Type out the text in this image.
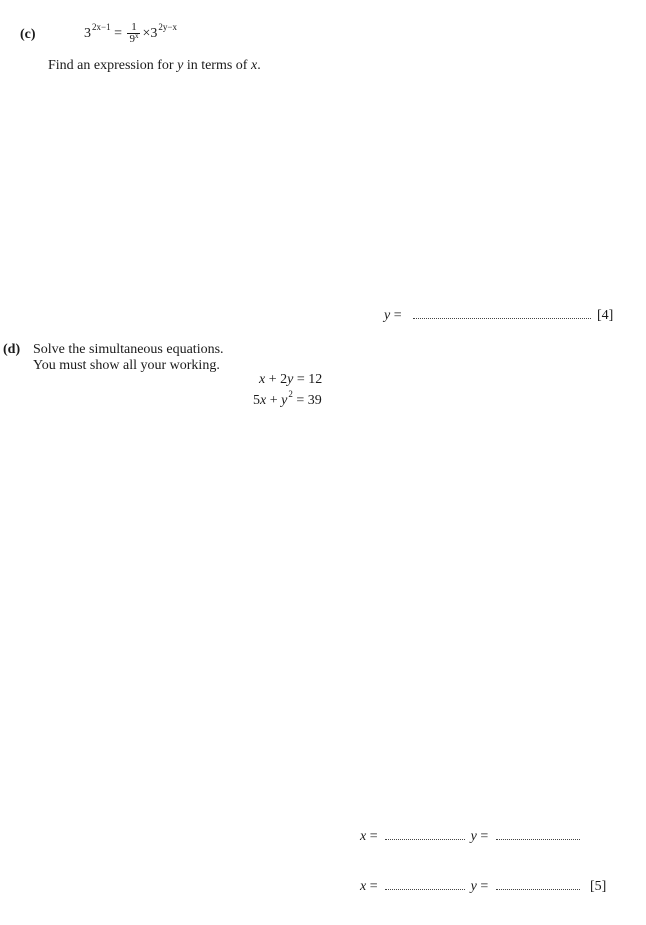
(c)	$3^{2x-1} = \frac{1}{9^x} \times 3^{2y-x}$
Find an expression for y in terms of x.
y =	[4]
(d) Solve the simultaneous equations.
You must show all your working.
x + 2y = 12
$5x + y^2 = 39$
x =	y =
x =	y =	[5]
